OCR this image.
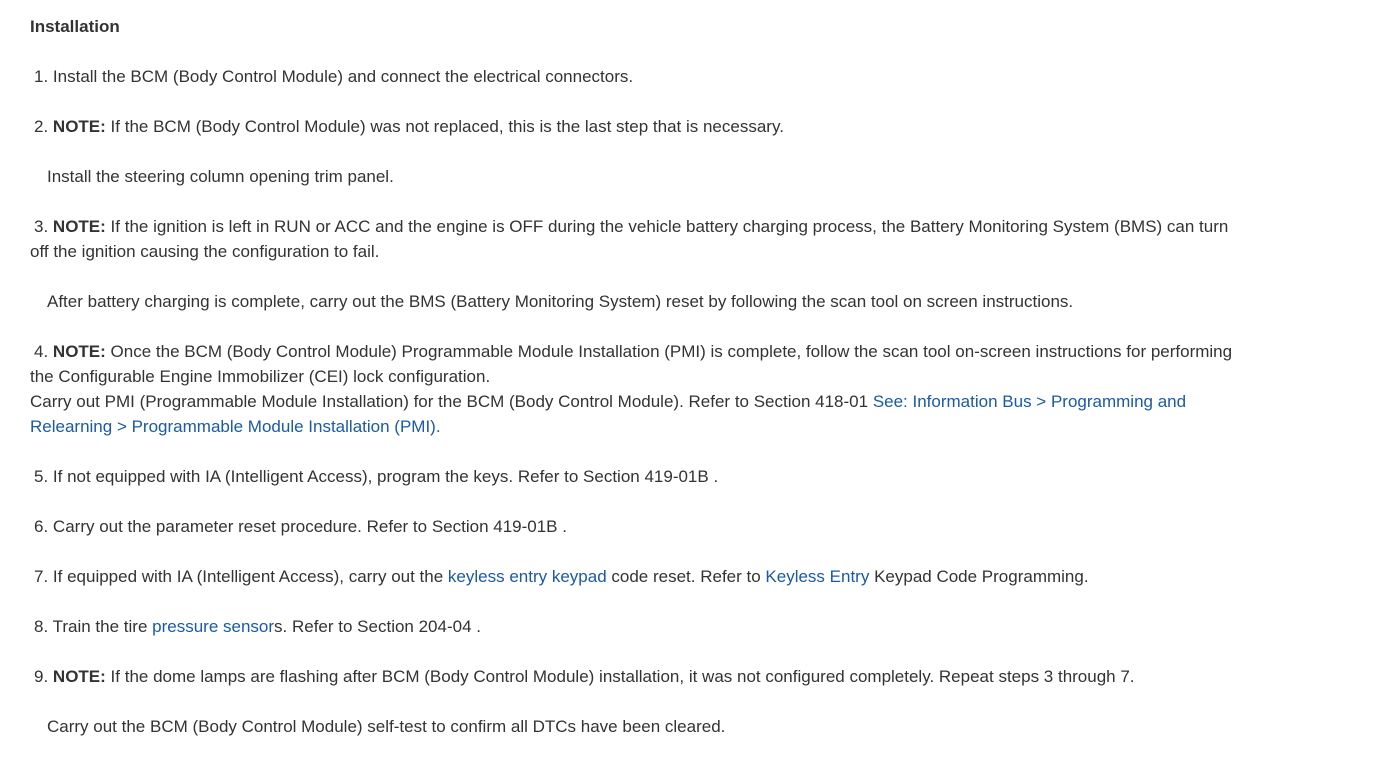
Installation
1. Install the BCM (Body Control Module) and connect the electrical connectors.
2. NOTE: If the BCM (Body Control Module) was not replaced, this is the last step that is necessary.
Install the steering column opening trim panel.
3. NOTE: If the ignition is left in RUN or ACC and the engine is OFF during the vehicle battery charging process, the Battery Monitoring System (BMS) can turn off the ignition causing the configuration to fail.
After battery charging is complete, carry out the BMS (Battery Monitoring System) reset by following the scan tool on screen instructions.
4. NOTE: Once the BCM (Body Control Module) Programmable Module Installation (PMI) is complete, follow the scan tool on-screen instructions for performing the Configurable Engine Immobilizer (CEI) lock configuration.
Carry out PMI (Programmable Module Installation) for the BCM (Body Control Module). Refer to Section 418-01 See: Information Bus > Programming and Relearning > Programmable Module Installation (PMI).
5. If not equipped with IA (Intelligent Access), program the keys. Refer to Section 419-01B .
6. Carry out the parameter reset procedure. Refer to Section 419-01B .
7. If equipped with IA (Intelligent Access), carry out the keyless entry keypad code reset. Refer to Keyless Entry Keypad Code Programming.
8. Train the tire pressure sensors. Refer to Section 204-04 .
9. NOTE: If the dome lamps are flashing after BCM (Body Control Module) installation, it was not configured completely. Repeat steps 3 through 7.
Carry out the BCM (Body Control Module) self-test to confirm all DTCs have been cleared.
